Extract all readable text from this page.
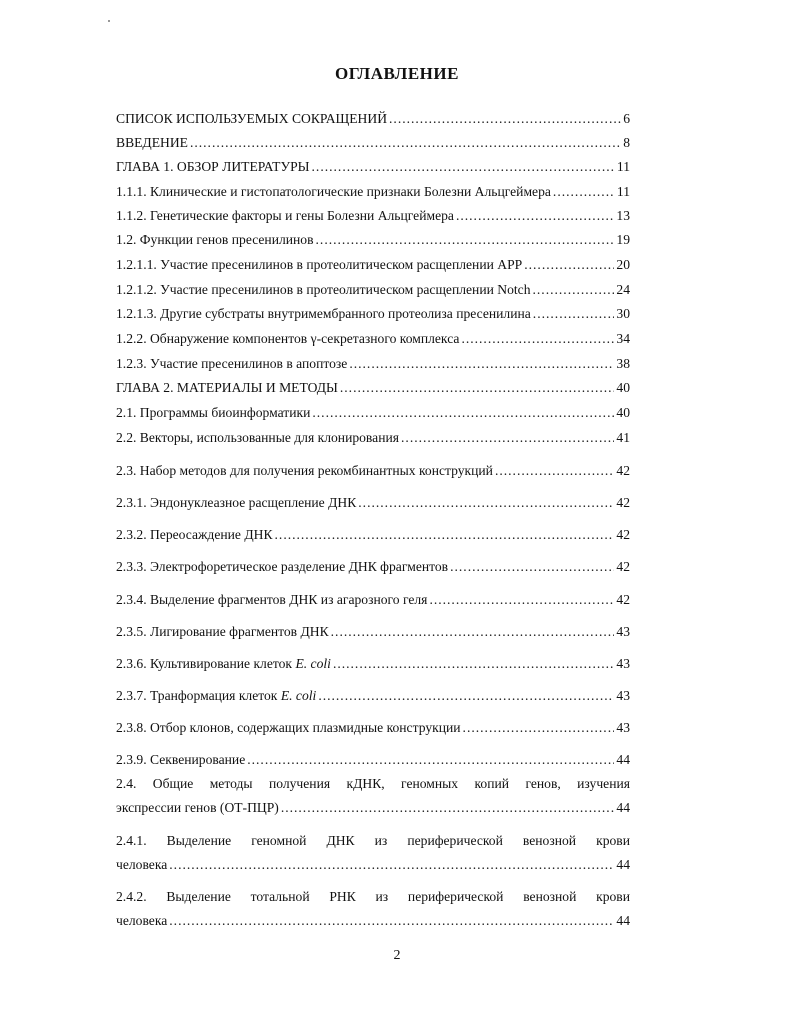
ОГЛАВЛЕНИЕ
СПИСОК ИСПОЛЬЗУЕМЫХ СОКРАЩЕНИЙ .....	6
ВВЕДЕНИЕ .....	8
ГЛАВА 1. ОБЗОР ЛИТЕРАТУРЫ .....	11
1.1.1. Клинические и гистопатологические признаки Болезни Альцгеймера .....	11
1.1.2. Генетические факторы и гены Болезни Альцгеймера .....	13
1.2. Функции генов пресенилинов .....	19
1.2.1.1. Участие пресенилинов в протеолитическом расщеплении APP .....	20
1.2.1.2. Участие пресенилинов в протеолитическом расщеплении Notch .....	24
1.2.1.3. Другие субстраты внутримембранного протеолиза пресенилина .....	30
1.2.2. Обнаружение компонентов γ-секретазного комплекса .....	34
1.2.3. Участие пресенилинов в апоптозе .....	38
ГЛАВА 2. МАТЕРИАЛЫ И МЕТОДЫ .....	40
2.1. Программы биоинформатики .....	40
2.2. Векторы, использованные для клонирования .....	41
2.3. Набор методов для получения рекомбинантных конструкций .....	42
2.3.1. Эндонуклеазное расщепление ДНК .....	42
2.3.2. Переосаждение ДНК .....	42
2.3.3. Электрофоретическое разделение ДНК фрагментов .....	42
2.3.4. Выделение фрагментов ДНК из агарозного геля .....	42
2.3.5. Лигирование фрагментов ДНК .....	43
2.3.6. Культивирование клеток E. coli .....	43
2.3.7. Транформация клеток E. coli .....	43
2.3.8. Отбор клонов, содержащих плазмидные конструкции .....	43
2.3.9. Секвенирование .....	44
2.4. Общие методы получения кДНК, геномных копий генов, изучения
экспрессии генов (ОТ-ПЦР) .....	44
2.4.1. Выделение геномной ДНК из периферической венозной крови
человека .....	44
2.4.2. Выделение тотальной РНК из периферической венозной крови
человека .....	44
2
